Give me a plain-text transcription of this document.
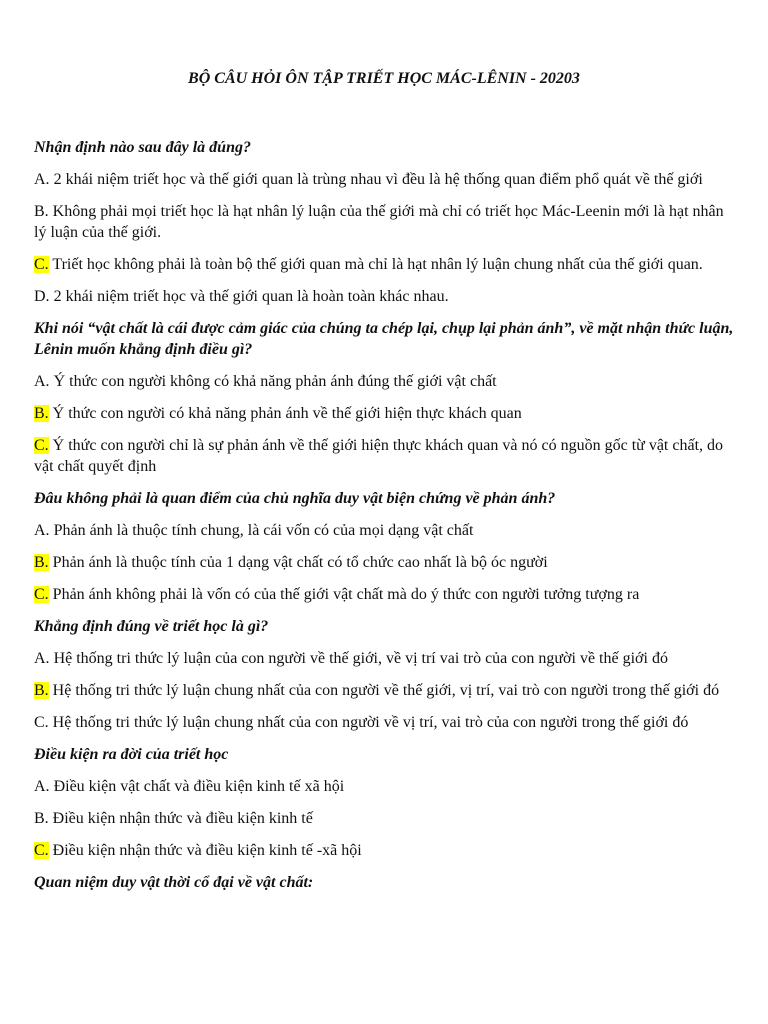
BỘ CÂU HỎI ÔN TẬP TRIẾT HỌC MÁC-LÊNIN - 20203
Nhận định nào sau đây là đúng?
A. 2 khái niệm triết học và thế giới quan là trùng nhau vì đều là hệ thống quan điểm phổ quát về thế giới
B. Không phải mọi triết học là hạt nhân lý luận của thế giới mà chỉ có triết học Mác-Leenin mới là hạt nhân lý luận của thế giới.
C. Triết học không phải là toàn bộ thế giới quan mà chỉ là hạt nhân lý luận chung nhất của thế giới quan.
D. 2 khái niệm triết học và thế giới quan là hoàn toàn khác nhau.
Khi nói “vật chất là cái được cảm giác của chúng ta chép lại, chụp lại phản ánh”, về mặt nhận thức luận, Lênin muốn khẳng định điều gì?
A. Ý thức con người không có khả năng phản ánh đúng thế giới vật chất
B. Ý thức con người có khả năng phản ánh về thế giới hiện thực khách quan
C. Ý thức con người chỉ là sự phản ánh về thế giới hiện thực khách quan và nó có nguồn gốc từ vật chất, do vật chất quyết định
Đâu không phải là quan điểm của chủ nghĩa duy vật biện chứng về phản ánh?
A. Phản ánh là thuộc tính chung, là cái vốn có của mọi dạng vật chất
B. Phản ánh là thuộc tính của 1 dạng vật chất có tổ chức cao nhất là bộ óc người
C. Phản ánh không phải là vốn có của thế giới vật chất mà do ý thức con người tưởng tượng ra
Khẳng định đúng về triết học là gì?
A. Hệ thống tri thức lý luận của con người về thế giới, về vị trí vai trò của con người về thế giới đó
B. Hệ thống tri thức lý luận chung nhất của con người về thế giới, vị trí, vai trò con người trong thế giới đó
C. Hệ thống tri thức lý luận chung nhất của con người về vị trí, vai trò của con người trong thế giới đó
Điều kiện ra đời của triết học
A. Điều kiện vật chất và điều kiện kinh tế xã hội
B. Điều kiện nhận thức và điều kiện kinh tế
C. Điều kiện nhận thức và điều kiện kinh tế -xã hội
Quan niệm duy vật thời cổ đại về vật chất:
